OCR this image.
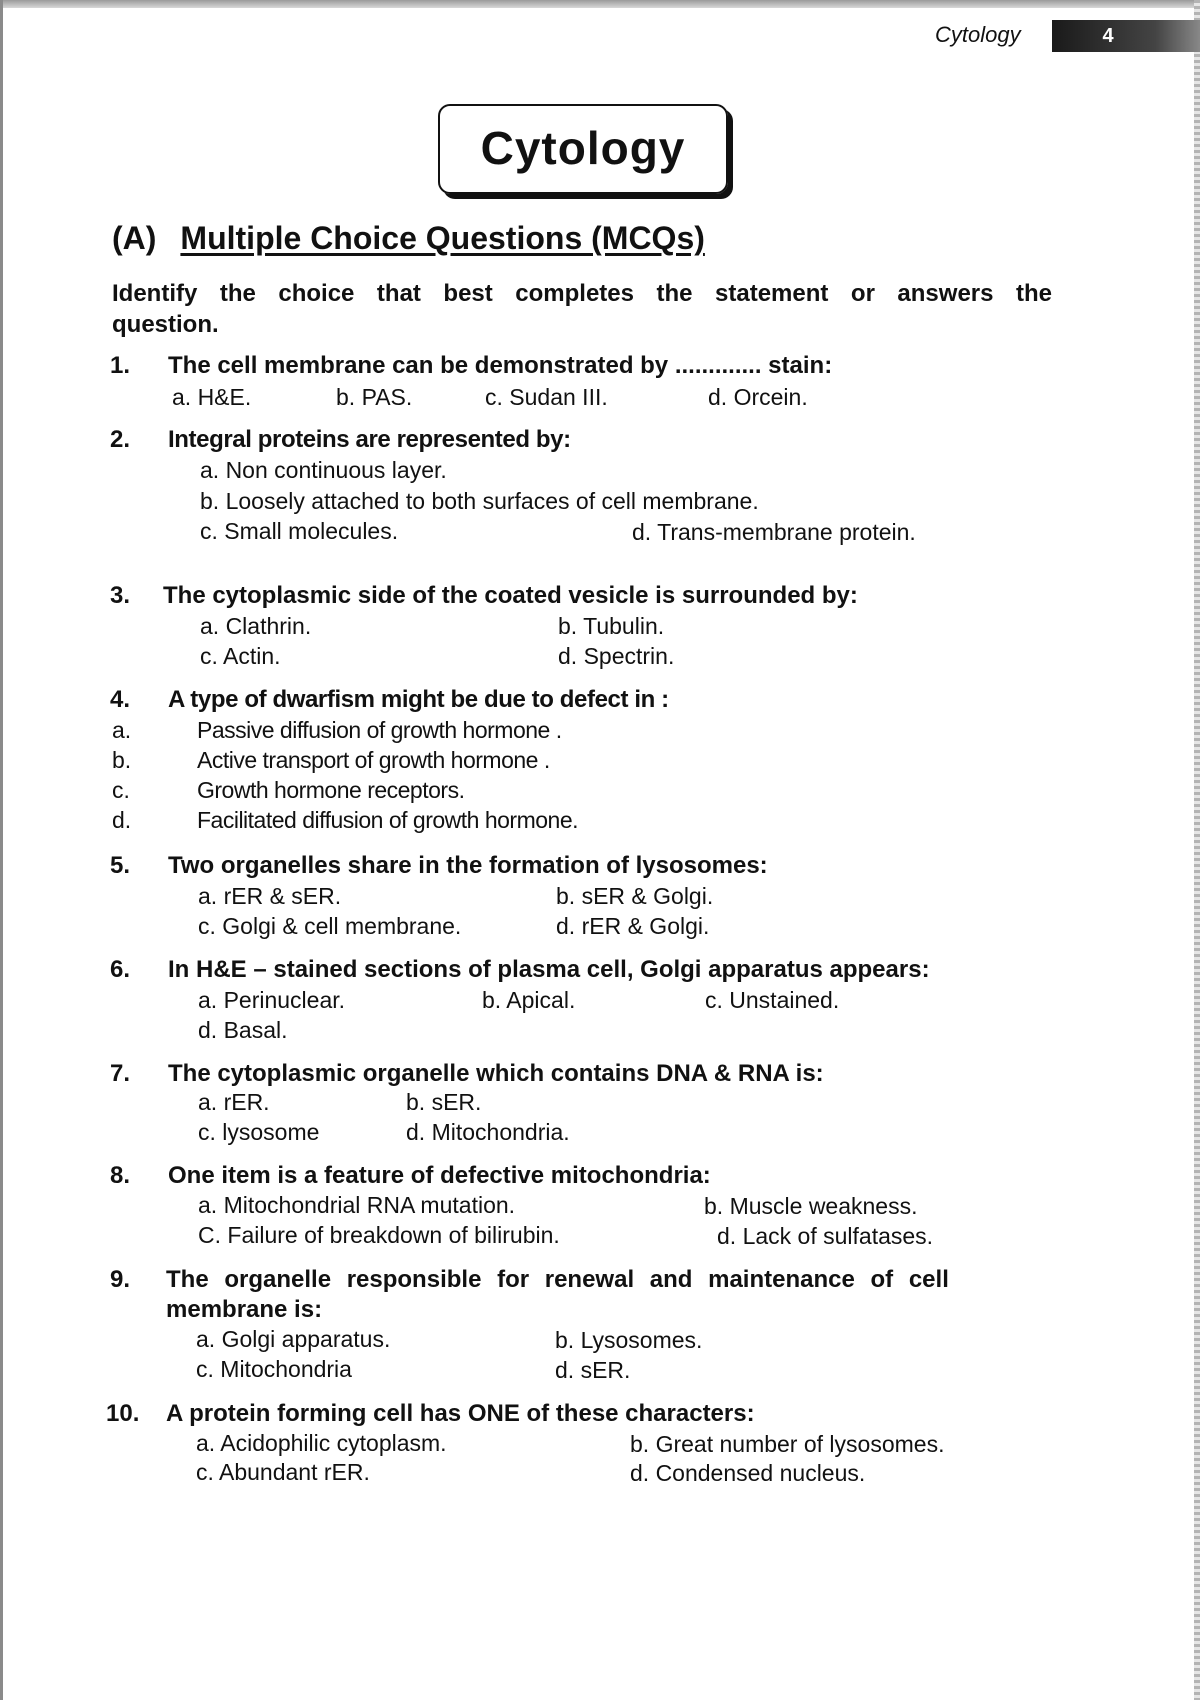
Cytology	4
Cytology
(A) Multiple Choice Questions (MCQs)
Identify the choice that best completes the statement or answers the question.
1. The cell membrane can be demonstrated by ............. stain:
a. H&E.	b. PAS.	c. Sudan III.	d. Orcein.
2. Integral proteins are represented by:
a. Non continuous layer.
b. Loosely attached to both surfaces of cell membrane.
c. Small molecules.	d. Trans-membrane protein.
3. The cytoplasmic side of the coated vesicle is surrounded by:
a. Clathrin.	b. Tubulin.
c. Actin.	d. Spectrin.
4. A type of dwarfism might be due to defect in :
a.	Passive diffusion of growth hormone .
b.	Active transport of growth hormone .
c.	Growth hormone receptors.
d.	Facilitated diffusion of growth hormone.
5. Two organelles share in the formation of lysosomes:
a. rER & sER.	b. sER & Golgi.
c. Golgi & cell membrane.	d. rER & Golgi.
6. In H&E – stained sections of plasma cell, Golgi apparatus appears:
a. Perinuclear.	b. Apical.	c. Unstained.
d. Basal.
7. The cytoplasmic organelle which contains DNA & RNA is:
a. rER.	b. sER.
c. lysosome	d. Mitochondria.
8. One item is a feature of defective mitochondria:
a. Mitochondrial RNA mutation.	b. Muscle weakness.
C. Failure of breakdown of bilirubin.	d. Lack of sulfatases.
9. The organelle responsible for renewal and maintenance of cell
membrane is:
a. Golgi apparatus.	b. Lysosomes.
c. Mitochondria	d. sER.
10. A protein forming cell has ONE of these characters:
a. Acidophilic cytoplasm.	b. Great number of lysosomes.
c. Abundant rER.	d. Condensed nucleus.
